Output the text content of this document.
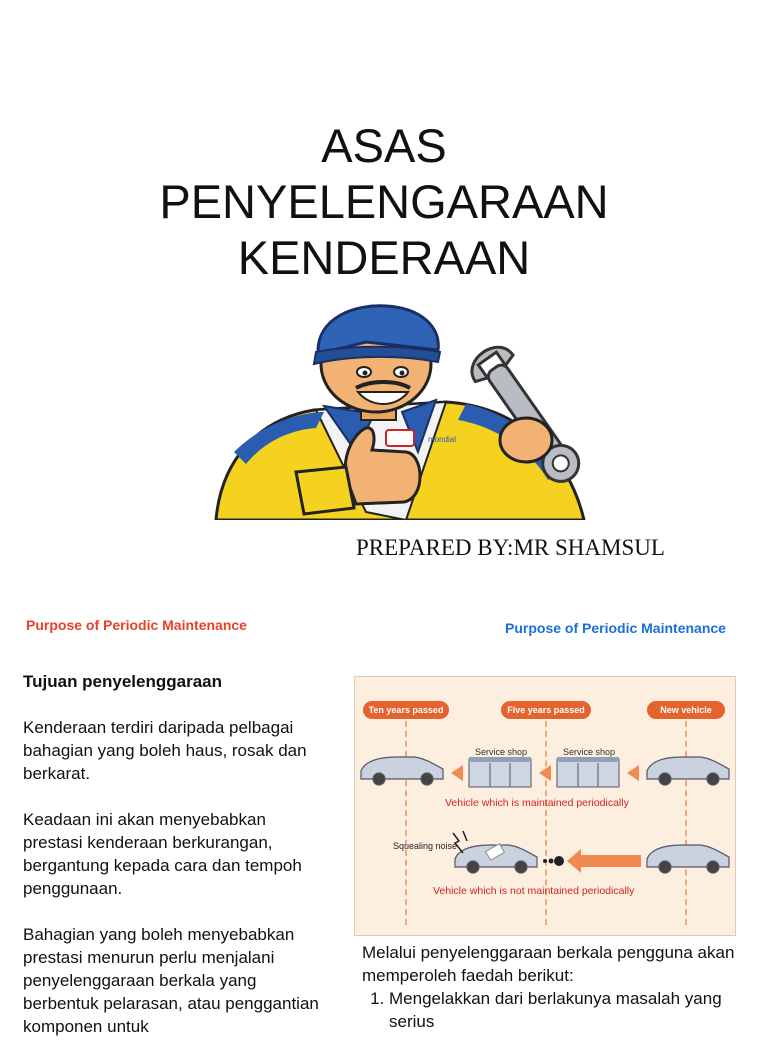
ASAS
PENYELENGARAAN
KENDERAAN
mondial
PREPARED BY:MR SHAMSUL
Purpose of Periodic Maintenance	Purpose of Periodic Maintenance

Tujuan penyelenggaraan

Kenderaan terdiri daripada pelbagai bahagian yang boleh haus, rosak dan berkarat.

Keadaan ini akan menyebabkan prestasi kenderaan berkurangan, bergantung kepada cara dan tempoh penggunaan.

Bahagian yang boleh menyebabkan prestasi menurun perlu menjalani penyelenggaraan berkala yang berbentuk pelarasan, atau penggantian komponen untuk

Ten years passed	Five years passed	New vehicle
Service shop	Service shop
Vehicle which is maintained periodically
Squealing noise
Vehicle which is not maintained periodically
Melalui penyelenggaraan berkala pengguna akan memperoleh faedah berikut:
1. Mengelakkan dari berlakunya masalah yang serius
